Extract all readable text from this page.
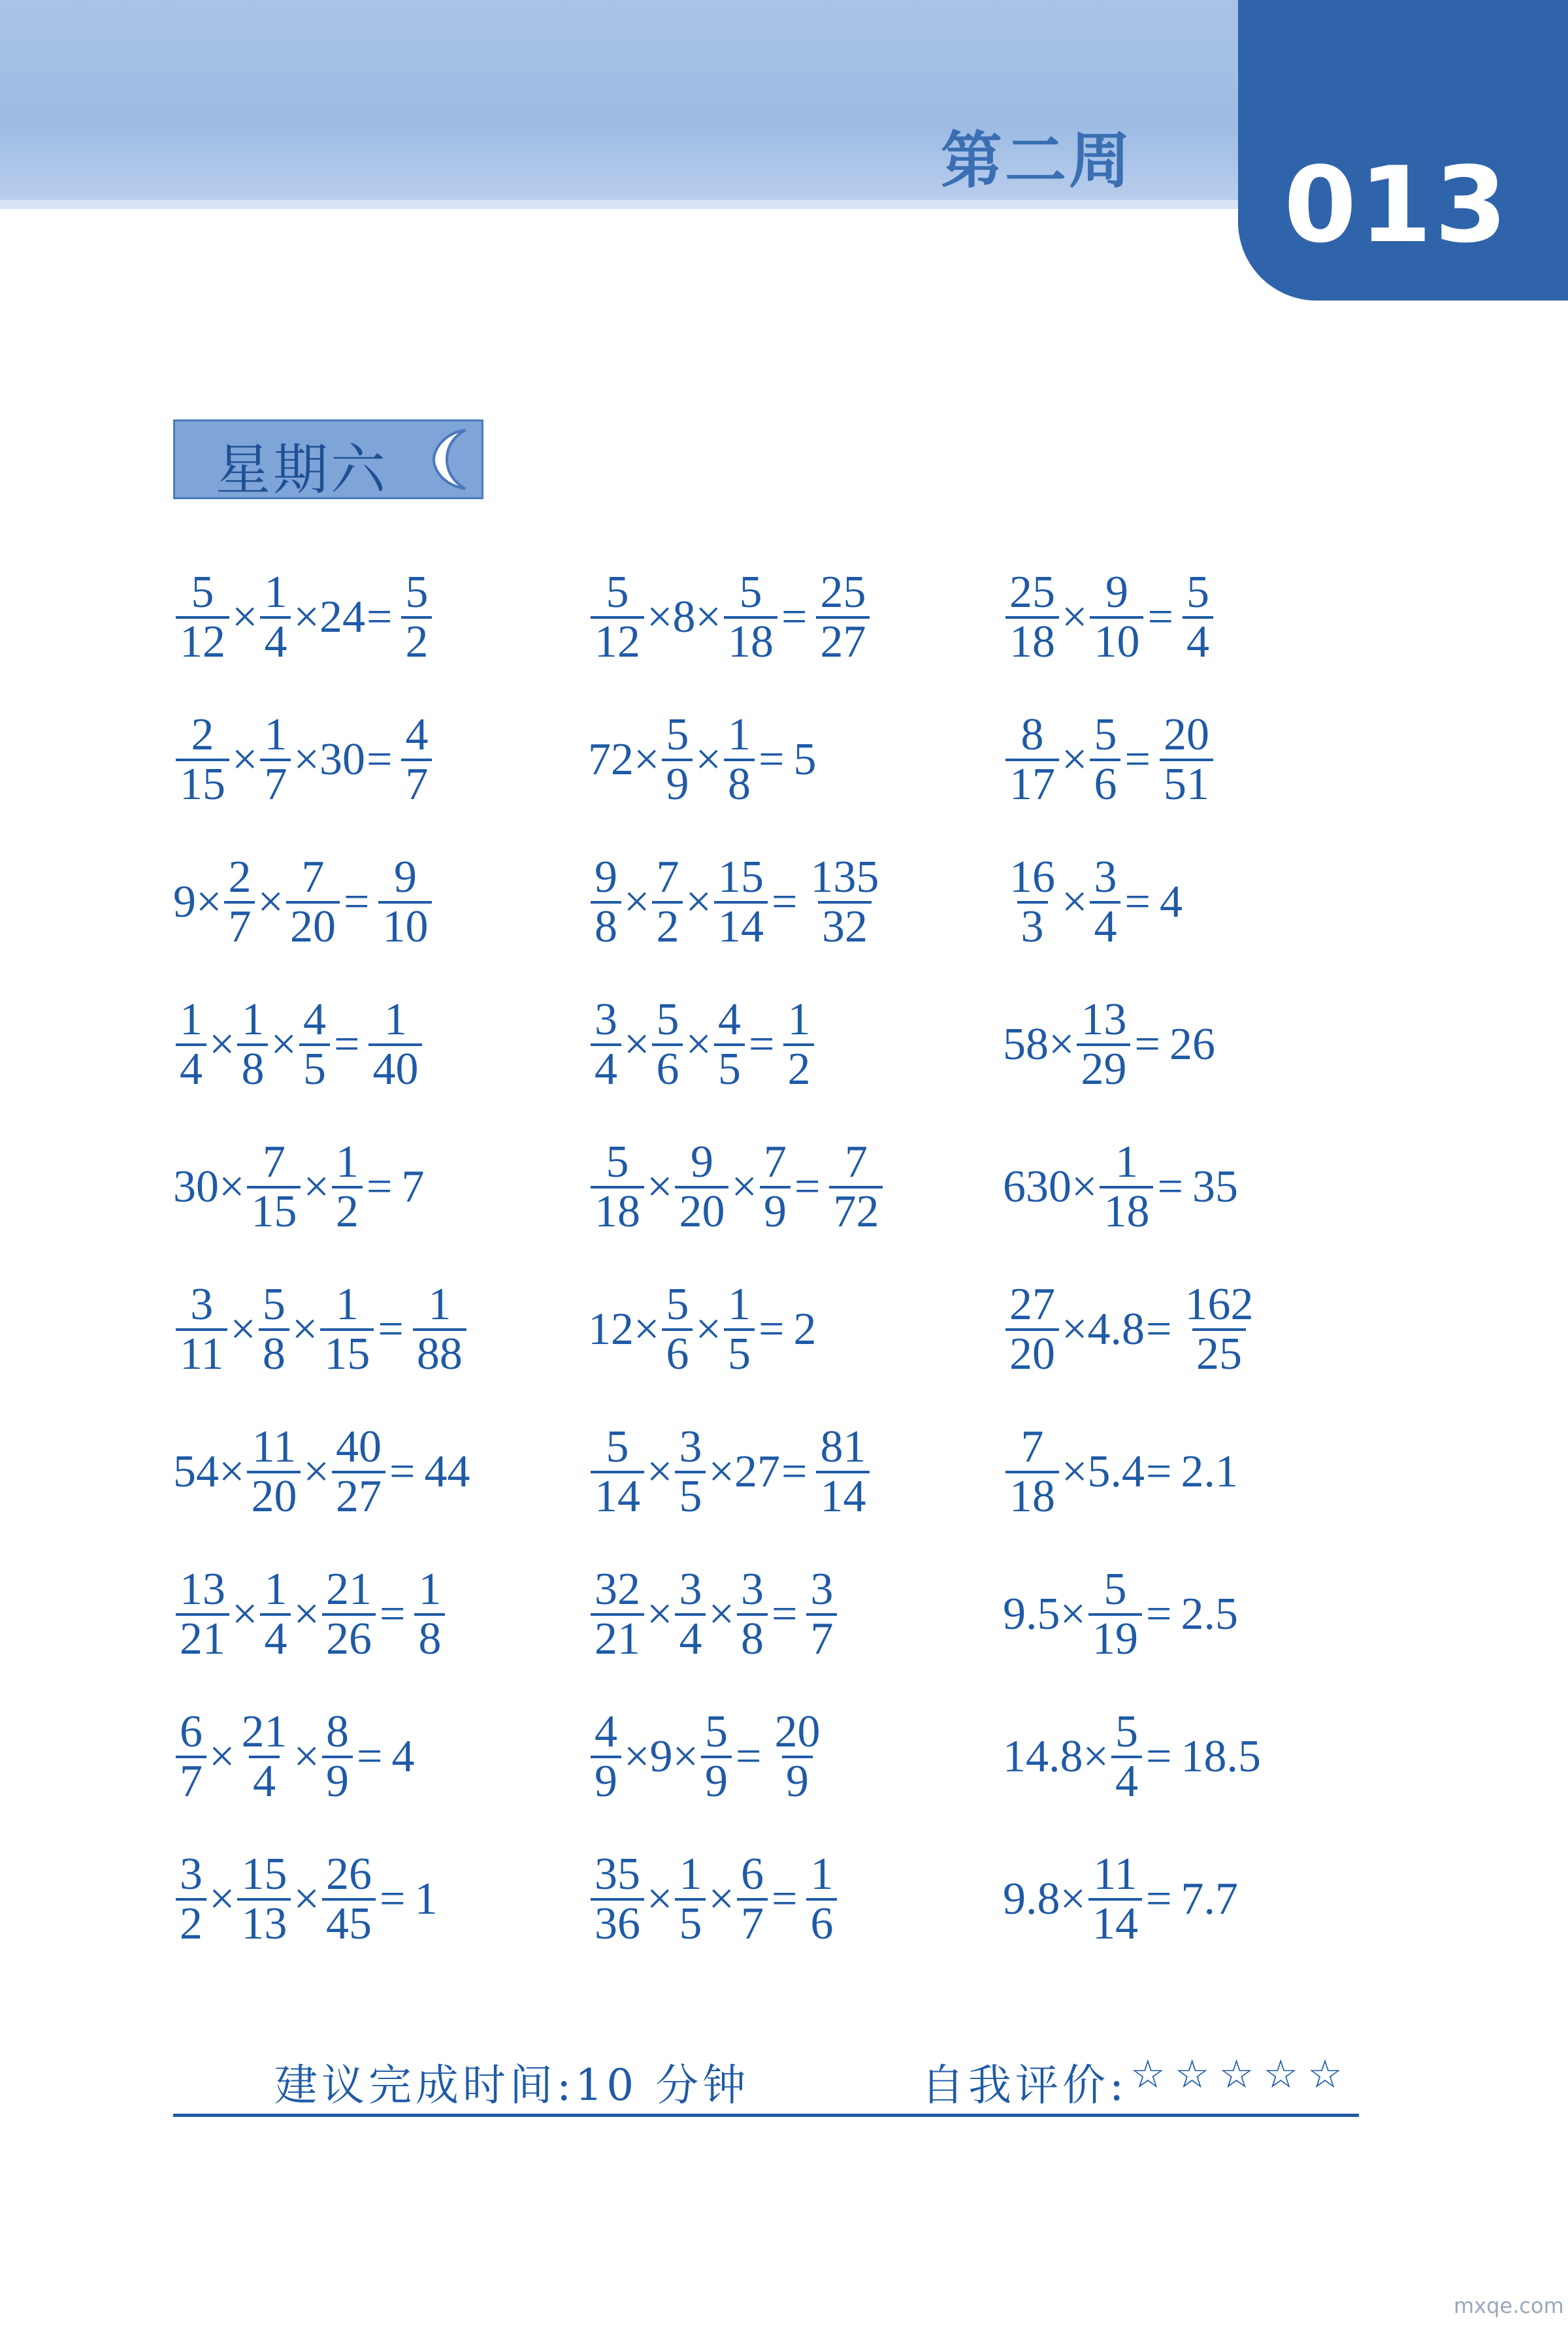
第二周 013
星期六
$\frac{5}{12} \times \frac{1}{4} \times 24 = \frac{5}{2}$
$\frac{2}{15} \times \frac{1}{7} \times 30 = \frac{4}{7}$
$9\times \frac{2}{7} \times \frac{7}{20} = \frac{9}{10}$
$\frac{1}{4} \times \frac{1}{8} \times \frac{4}{5} = \frac{1}{40}$
$30\times \frac{7}{15} \times \frac{1}{2} = 7$
$\frac{3}{11} \times \frac{5}{8} \times \frac{1}{15} = \frac{1}{88}$
$54\times \frac{11}{20} \times \frac{40}{27} = 44$
$\frac{13}{21} \times \frac{1}{4} \times \frac{21}{26} = \frac{1}{8}$
$\frac{6}{7} \times \frac{21}{4} \times \frac{8}{9} = 4$
$\frac{3}{2} \times \frac{15}{13} \times \frac{26}{45} = 1$
$\frac{5}{12} \times 8\times \frac{5}{18} = \frac{25}{27}$
$72\times \frac{5}{9} \times \frac{1}{8} = 5$
$\frac{9}{8} \times \frac{7}{2} \times \frac{15}{14} = \frac{135}{32}$
$\frac{3}{4} \times \frac{5}{6} \times \frac{4}{5} = \frac{1}{2}$
$\frac{5}{18} \times \frac{9}{20} \times \frac{7}{9} = \frac{7}{72}$
$12\times \frac{5}{6} \times \frac{1}{5} = 2$
$\frac{5}{14} \times \frac{3}{5} \times 27 = \frac{81}{14}$
$\frac{32}{21} \times \frac{3}{4} \times \frac{3}{8} = \frac{3}{7}$
$\frac{4}{9} \times 9\times \frac{5}{9} = \frac{20}{9}$
$\frac{35}{36} \times \frac{1}{5} \times \frac{6}{7} = \frac{1}{6}$
$\frac{25}{18} \times \frac{9}{10} = \frac{5}{4}$
$\frac{8}{17} \times \frac{5}{6} = \frac{20}{51}$
$\frac{16}{3} \times \frac{3}{4} = 4$
$58\times \frac{13}{29} = 26$
$630\times \frac{1}{18} = 35$
$\frac{27}{20} \times 4.8 = \frac{162}{25}$
$\frac{7}{18} \times 5.4 = 2.1$
$9.5\times \frac{5}{19} = 2.5$
$14.8\times \frac{5}{4} = 18.5$
$9.8\times \frac{11}{14} = 7.7$
建议完成时间:10 分钟	自我评价: ☆☆☆☆☆
mxqe.com
